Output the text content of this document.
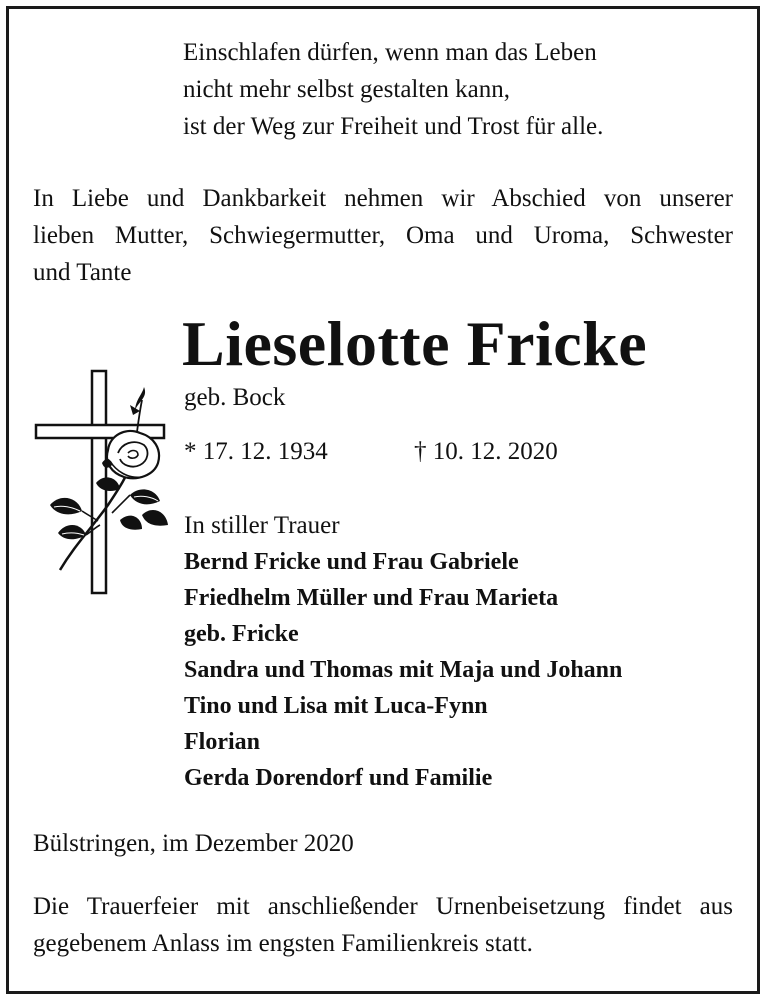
Einschlafen dürfen, wenn man das Leben
nicht mehr selbst gestalten kann,
ist der Weg zur Freiheit und Trost für alle.
In Liebe und Dankbarkeit nehmen wir Abschied von unserer
lieben Mutter, Schwiegermutter, Oma und Uroma, Schwester
und Tante
Lieselotte Fricke
geb. Bock
* 17. 12. 1934	† 10. 12. 2020
In stiller Trauer
Bernd Fricke und Frau Gabriele
Friedhelm Müller und Frau Marieta
geb. Fricke
Sandra und Thomas mit Maja und Johann
Tino und Lisa mit Luca-Fynn
Florian
Gerda Dorendorf und Familie
Bülstringen, im Dezember 2020
Die Trauerfeier mit anschließender Urnenbeisetzung findet aus
gegebenem Anlass im engsten Familienkreis statt.
